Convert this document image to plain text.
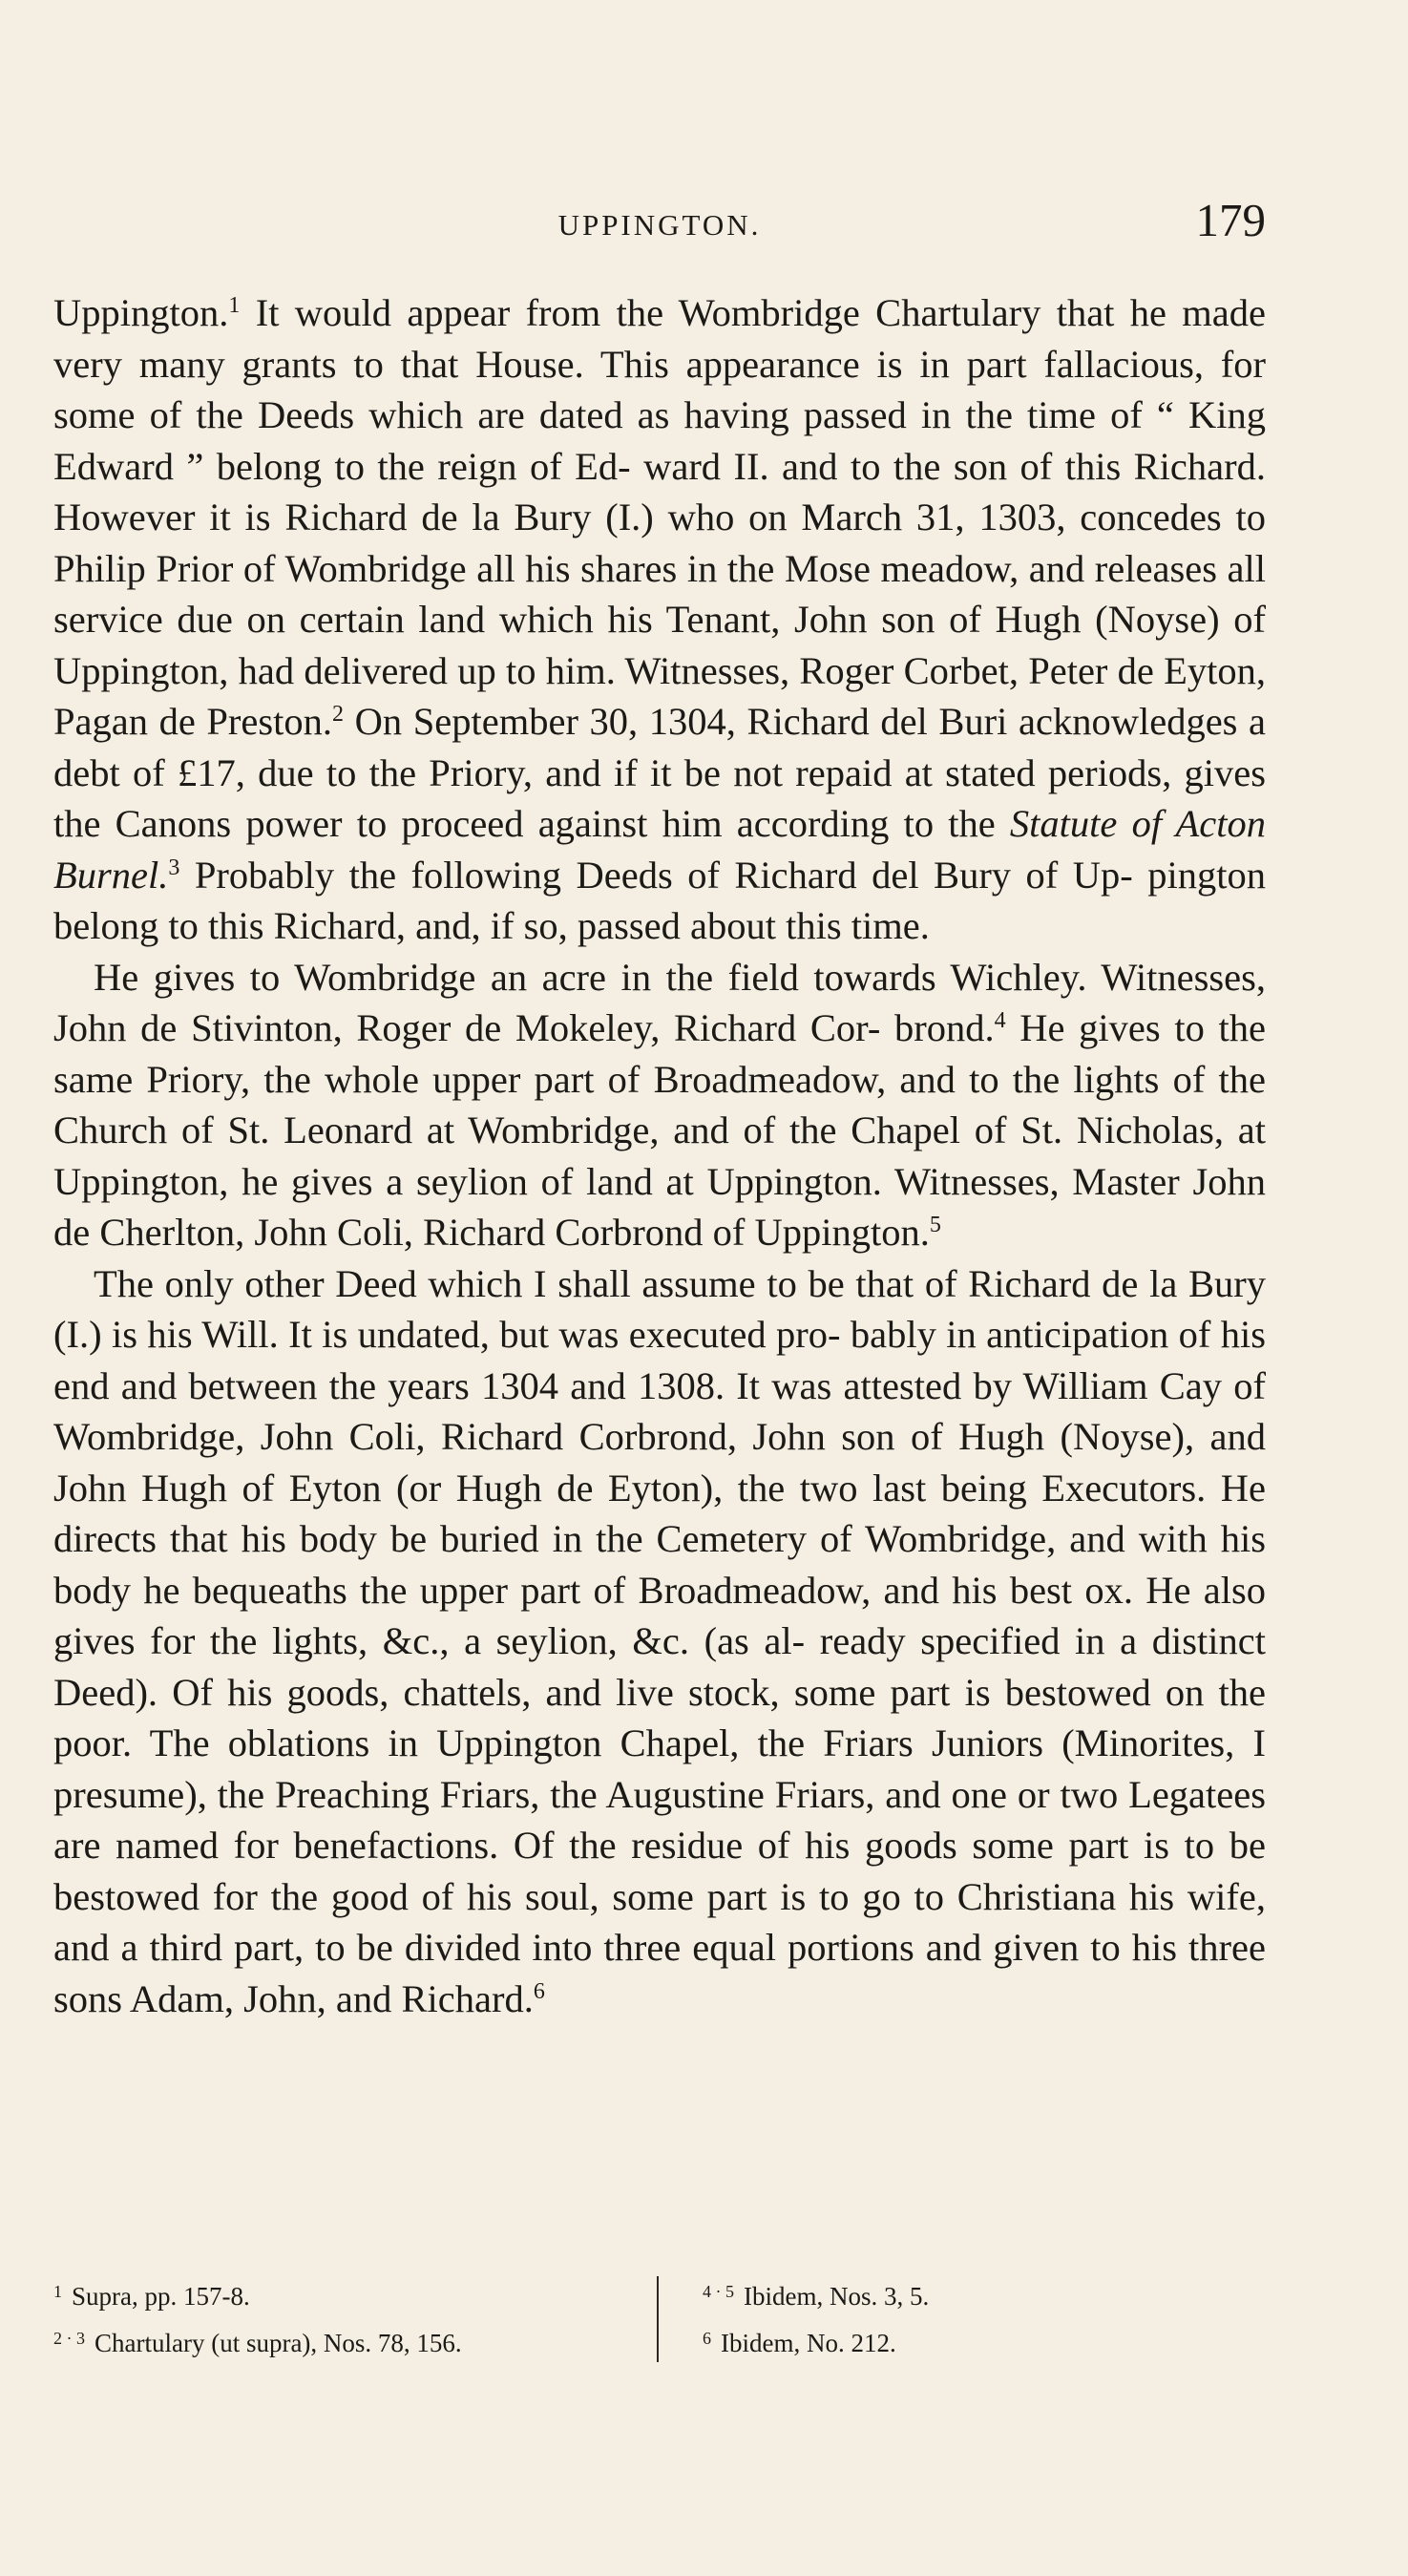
UPPINGTON.	179

Uppington.$^1$ It would appear from the Wombridge Chartulary that he made very many grants to that House. This appearance is in part fallacious, for some of the Deeds which are dated as having passed in the time of “ King Edward ” belong to the reign of Ed- ward II. and to the son of this Richard. However it is Richard de la Bury (I.) who on March 31, 1303, concedes to Philip Prior of Wombridge all his shares in the Mose meadow, and releases all service due on certain land which his Tenant, John son of Hugh (Noyse) of Uppington, had delivered up to him. Witnesses, Roger Corbet, Peter de Eyton, Pagan de Preston.$^2$ On September 30, 1304, Richard del Buri acknowledges a debt of £17, due to the Priory, and if it be not repaid at stated periods, gives the Canons power to proceed against him according to the Statute of Acton Burnel.$^3$ Probably the following Deeds of Richard del Bury of Up- pington belong to this Richard, and, if so, passed about this time.

He gives to Wombridge an acre in the field towards Wichley. Witnesses, John de Stivinton, Roger de Mokeley, Richard Cor- brond.$^4$ He gives to the same Priory, the whole upper part of Broadmeadow, and to the lights of the Church of St. Leonard at Wombridge, and of the Chapel of St. Nicholas, at Uppington, he gives a seylion of land at Uppington. Witnesses, Master John de Cherlton, John Coli, Richard Corbrond of Uppington.$^5$

The only other Deed which I shall assume to be that of Richard de la Bury (I.) is his Will. It is undated, but was executed pro- bably in anticipation of his end and between the years 1304 and 1308. It was attested by William Cay of Wombridge, John Coli, Richard Corbrond, John son of Hugh (Noyse), and John Hugh of Eyton (or Hugh de Eyton), the two last being Executors. He directs that his body be buried in the Cemetery of Wombridge, and with his body he bequeaths the upper part of Broadmeadow, and his best ox. He also gives for the lights, &c., a seylion, &c. (as al- ready specified in a distinct Deed). Of his goods, chattels, and live stock, some part is bestowed on the poor. The oblations in Uppington Chapel, the Friars Juniors (Minorites, I presume), the Preaching Friars, the Augustine Friars, and one or two Legatees are named for benefactions. Of the residue of his goods some part is to be bestowed for the good of his soul, some part is to go to Christiana his wife, and a third part, to be divided into three equal portions and given to his three sons Adam, John, and Richard.$^6$

$^1$ Supra, pp. 157-8.
$^{2 \cdot 3}$ Chartulary (ut supra), Nos. 78, 156.
$^{4 \cdot 5}$ Ibidem, Nos. 3, 5.
$^6$ Ibidem, No. 212.
